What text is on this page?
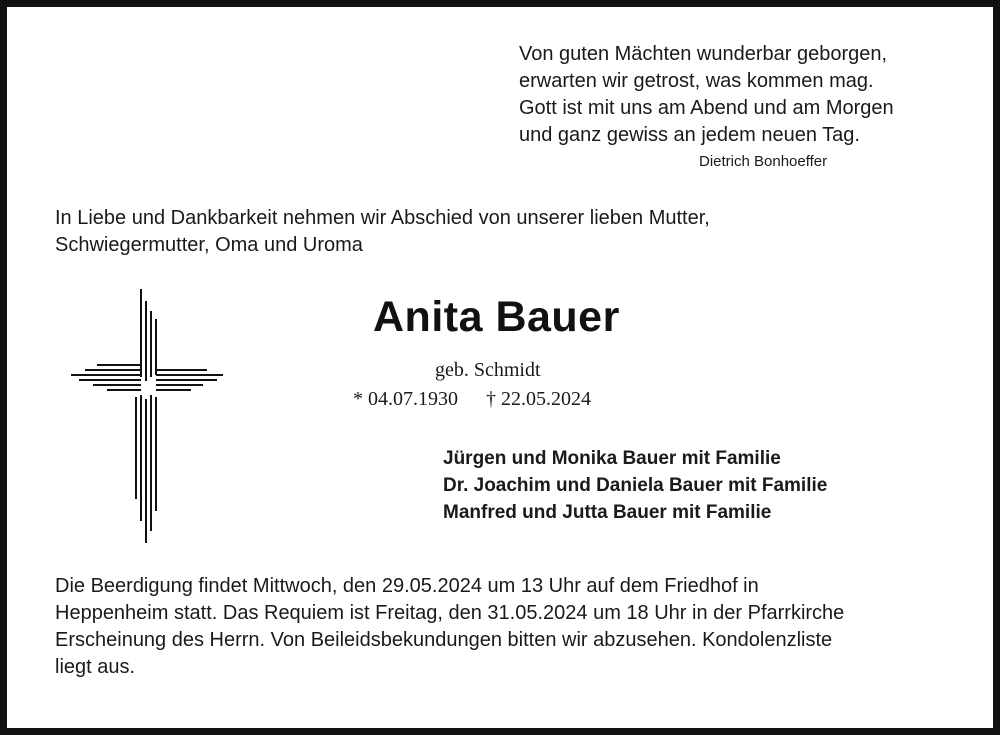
Von guten Mächten wunderbar geborgen,
erwarten wir getrost, was kommen mag.
Gott ist mit uns am Abend und am Morgen
und ganz gewiss an jedem neuen Tag.
Dietrich Bonhoeffer
In Liebe und Dankbarkeit nehmen wir Abschied von unserer lieben Mutter,
Schwiegermutter, Oma und Uroma
Anita Bauer
geb. Schmidt
* 04.07.1930 † 22.05.2024
Jürgen und Monika Bauer mit Familie
Dr. Joachim und Daniela Bauer mit Familie
Manfred und Jutta Bauer mit Familie
Die Beerdigung findet Mittwoch, den 29.05.2024 um 13 Uhr auf dem Friedhof in
Heppenheim statt. Das Requiem ist Freitag, den 31.05.2024 um 18 Uhr in der Pfarrkirche
Erscheinung des Herrn. Von Beileidsbekundungen bitten wir abzusehen. Kondolenzliste
liegt aus.
